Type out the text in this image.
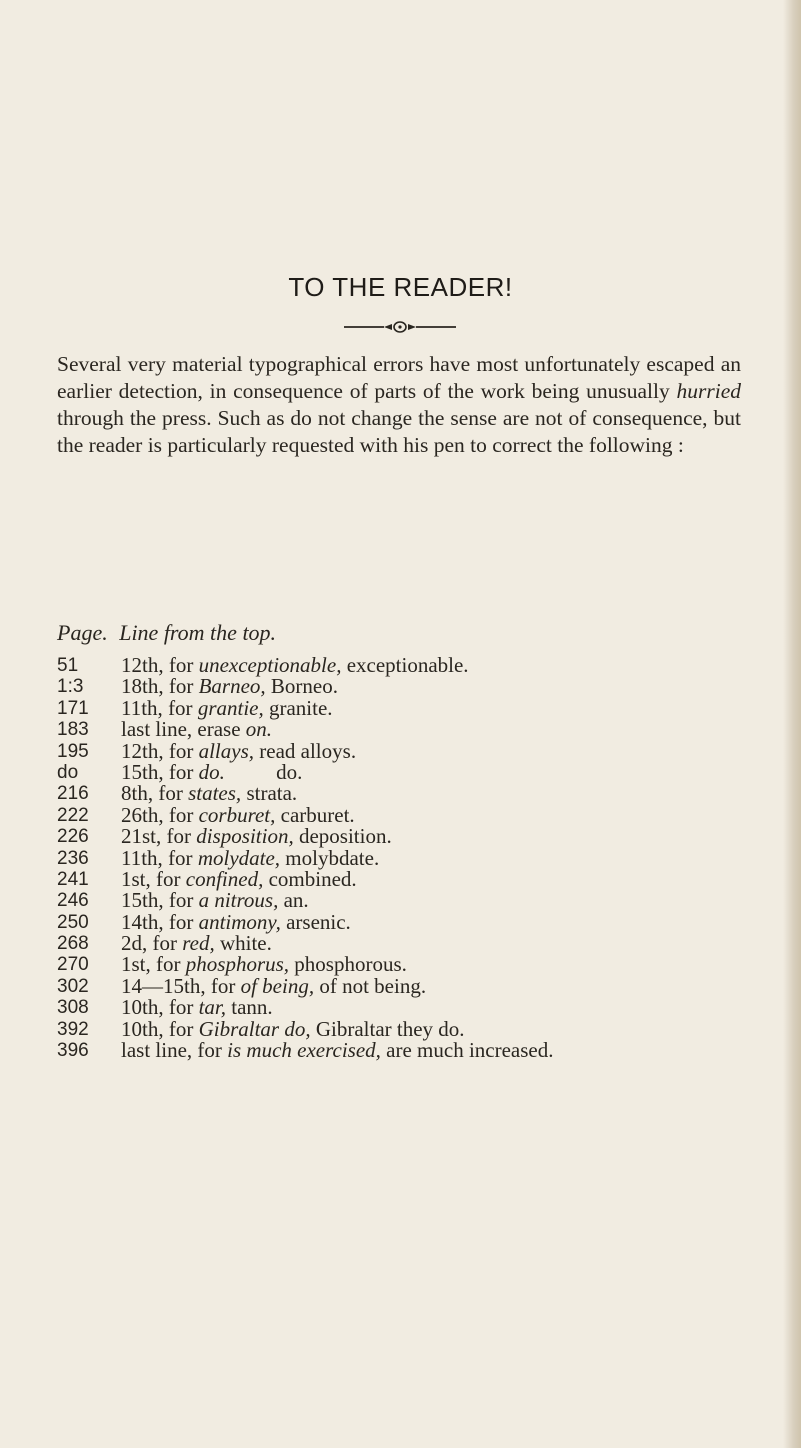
TO THE READER!
Several very material typographical errors have most unfortunately escaped an earlier detection, in consequence of parts of the work being unusually hurried through the press. Such as do not change the sense are not of consequence, but the reader is particularly requested with his pen to correct the following :
Page. Line from the top.
51	12th, for unexceptionable, exceptionable.
1:3	18th, for Barneo, Borneo.
171	11th, for grantie, granite.
183	last line, erase on.
195	12th, for allays, read alloys.
do	15th, for do. do.
216	8th, for states, strata.
222	26th, for corburet, carburet.
226	21st, for disposition, deposition.
236	11th, for molydate, molybdate.
241	1st, for confined, combined.
246	15th, for a nitrous, an.
250	14th, for antimony, arsenic.
268	2d, for red, white.
270	1st, for phosphorus, phosphorous.
302	14—15th, for of being, of not being.
308	10th, for tar, tann.
392	10th, for Gibraltar do, Gibraltar they do.
396	last line, for is much exercised, are much increased.
